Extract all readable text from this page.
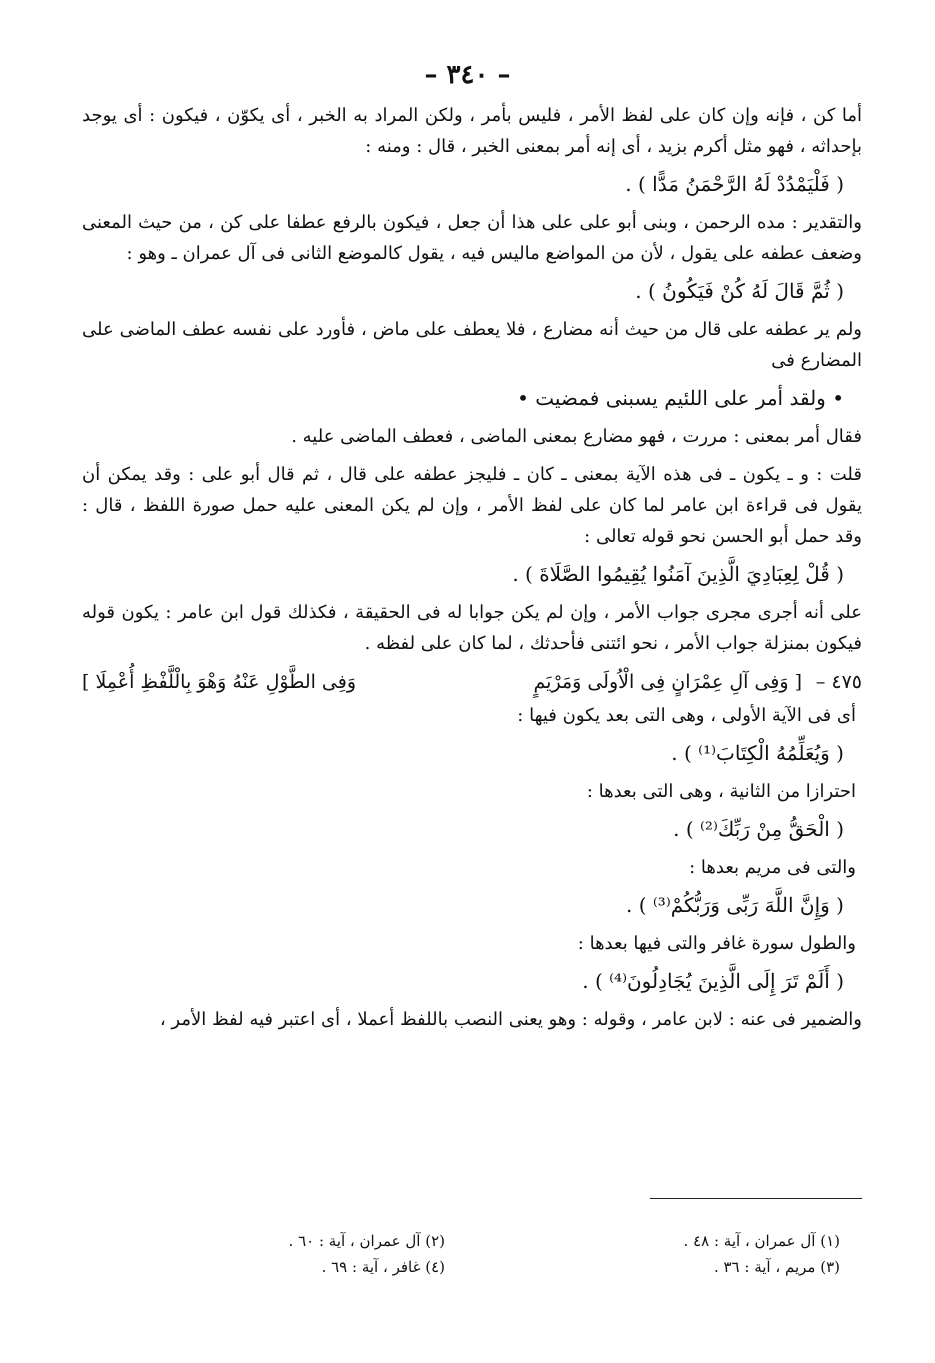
– ٣٤٠ –

أما كن ، فإنه وإن كان على لفظ الأمر ، فليس بأمر ، ولكن المراد به الخبر ، أى يكوّن ، فيكون : أى يوجد بإحداثه ، فهو مثل أكرم بزيد ، أى إنه أمر بمعنى الخبر ، قال : ومنه :

( فَلْيَمْدُدْ لَهُ الرَّحْمَنُ مَدًّا ) .

والتقدير : مده الرحمن ، وبنى أبو على على هذا أن جعل ، فيكون بالرفع عطفا على كن ، من حيث المعنى وضعف عطفه على يقول ، لأن من المواضع ماليس فيه ، يقول كالموضع الثانى فى آل عمران ـ وهو :

( ثُمَّ قَالَ لَهُ كُنْ فَيَكُونُ ) .

ولم ير عطفه على قال من حيث أنه مضارع ، فلا يعطف على ماض ، فأورد على نفسه عطف الماضى على المضارع فى

• ولقد أمر على اللئيم يسبنى فمضيت •

فقال أمر بمعنى : مررت ، فهو مضارع بمعنى الماضى ، فعطف الماضى عليه .

قلت : و ـ يكون ـ فى هذه الآية بمعنى ـ كان ـ فليجز عطفه على قال ، ثم قال أبو على : وقد يمكن أن يقول فى قراءة ابن عامر لما كان على لفظ الأمر ، وإن لم يكن المعنى عليه حمل صورة اللفظ ، قال : وقد حمل أبو الحسن نحو قوله تعالى :

( قُلْ لِعِبَادِيَ الَّذِينَ آمَنُوا يُقِيمُوا الصَّلَاةَ ) .

على أنه أجرى مجرى جواب الأمر ، وإن لم يكن جوابا له فى الحقيقة ، فكذلك قول ابن عامر : يكون قوله فيكون بمنزلة جواب الأمر ، نحو ائتنى فأحدثك ، لما كان على لفظه .

٤٧٥ –
[ وَفِى آلِ عِمْرَانٍ فِى الْاُولَى وَمَرْيَمٍ
وَفِى الطَّوْلِ عَنْهُ وَهْوَ بِالْلَّفْظِ أُعْمِلَا ]

أى فى الآية الأولى ، وهى التى بعد يكون فيها :

( وَيُعَلِّمُهُ الْكِتَابَ⁽¹⁾ ) .

احترازا من الثانية ، وهى التى بعدها :

( الْحَقُّ مِنْ رَبِّكَ⁽²⁾ ) .

والتى فى مريم بعدها :

( وَإِنَّ اللَّهَ رَبِّى وَرَبُّكُمْ⁽³⁾ ) .

والطول سورة غافر والتى فيها بعدها :

( أَلَمْ تَرَ إِلَى الَّذِينَ يُجَادِلُونَ⁽⁴⁾ ) .

والضمير فى عنه : لابن عامر ، وقوله : وهو يعنى النصب باللفظ أعملا ، أى اعتبر فيه لفظ الأمر ،

(١) آل عمران ، آية : ٤٨ .
(٣) مريم ، آية : ٣٦ .
(٢) آل عمران ، آية : ٦٠ .
(٤) غافر ، آية : ٦٩ .
